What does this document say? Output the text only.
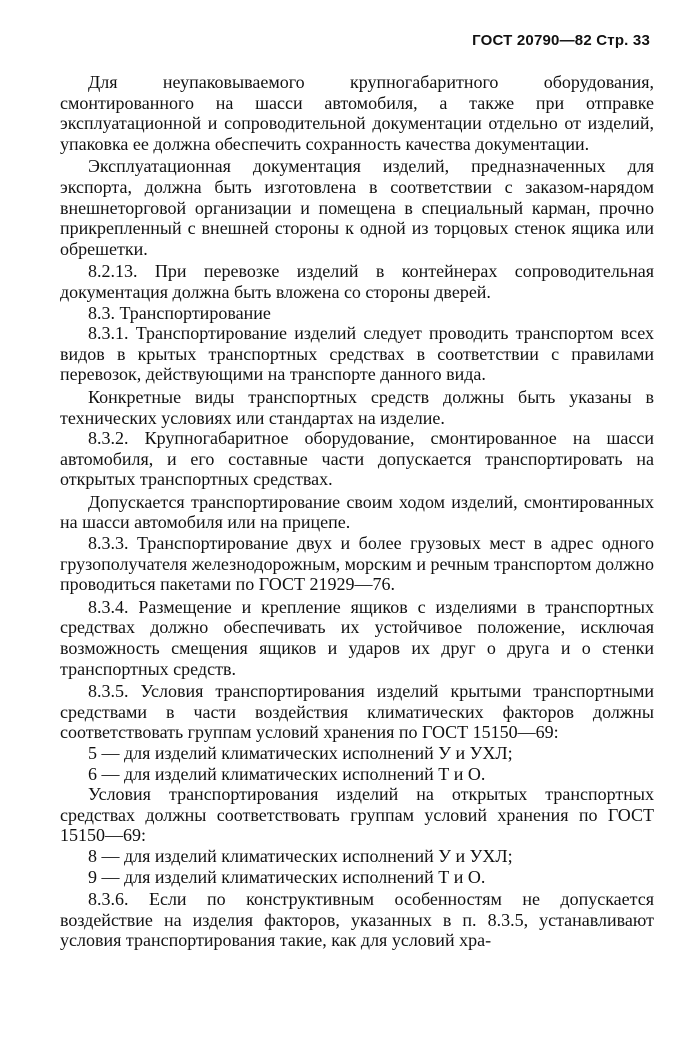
ГОСТ 20790—82 Стр. 33

Для неупаковываемого крупногабаритного оборудования, смонтированного на шасси автомобиля, а также при отправке эксплуатационной и сопроводительной документации отдельно от изделий, упаковка ее должна обеспечить сохранность качества документации.

Эксплуатационная документация изделий, предназначенных для экспорта, должна быть изготовлена в соответствии с заказом-нарядом внешнеторговой организации и помещена в специальный карман, прочно прикрепленный с внешней стороны к одной из торцовых стенок ящика или обрешетки.

8.2.13. При перевозке изделий в контейнерах сопроводительная документация должна быть вложена со стороны дверей.

8.3. Транспортирование

8.3.1. Транспортирование изделий следует проводить транспортом всех видов в крытых транспортных средствах в соответствии с правилами перевозок, действующими на транспорте данного вида.

Конкретные виды транспортных средств должны быть указаны в технических условиях или стандартах на изделие.

8.3.2. Крупногабаритное оборудование, смонтированное на шасси автомобиля, и его составные части допускается транспортировать на открытых транспортных средствах.

Допускается транспортирование своим ходом изделий, смонтированных на шасси автомобиля или на прицепе.

8.3.3. Транспортирование двух и более грузовых мест в адрес одного грузополучателя железнодорожным, морским и речным транспортом должно проводиться пакетами по ГОСТ 21929—76.

8.3.4. Размещение и крепление ящиков с изделиями в транспортных средствах должно обеспечивать их устойчивое положение, исключая возможность смещения ящиков и ударов их друг о друга и о стенки транспортных средств.

8.3.5. Условия транспортирования изделий крытыми транспортными средствами в части воздействия климатических факторов должны соответствовать группам условий хранения по ГОСТ 15150—69:

5 — для изделий климатических исполнений У и УХЛ;

6 — для изделий климатических исполнений Т и О.

Условия транспортирования изделий на открытых транспортных средствах должны соответствовать группам условий хранения по ГОСТ 15150—69:

8 — для изделий климатических исполнений У и УХЛ;

9 — для изделий климатических исполнений Т и О.

8.3.6. Если по конструктивным особенностям не допускается воздействие на изделия факторов, указанных в п. 8.3.5, устанавливают условия транспортирования такие, как для условий хра-
